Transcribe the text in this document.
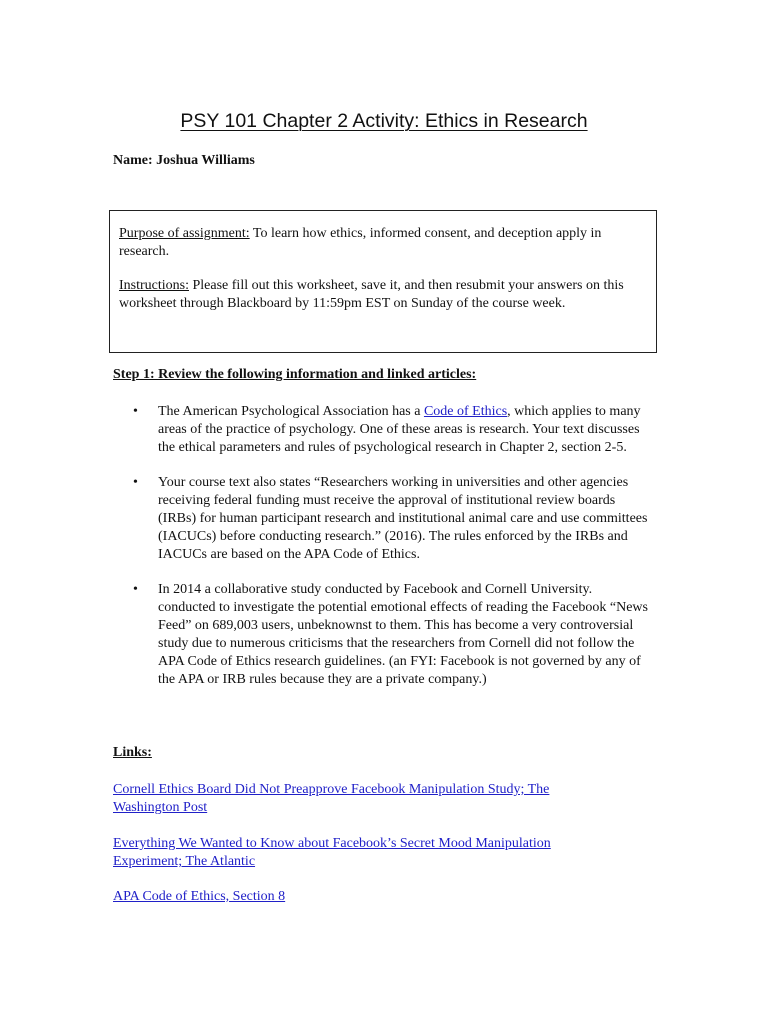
PSY 101 Chapter 2 Activity: Ethics in Research
Name: Joshua Williams

Purpose of assignment: To learn how ethics, informed consent, and deception apply in research.

Instructions: Please fill out this worksheet, save it, and then resubmit your answers on this worksheet through Blackboard by 11:59pm EST on Sunday of the course week.

Step 1: Review the following information and linked articles:
• The American Psychological Association has a Code of Ethics, which applies to many areas of the practice of psychology. One of these areas is research. Your text discusses the ethical parameters and rules of psychological research in Chapter 2, section 2-5.
• Your course text also states “Researchers working in universities and other agencies receiving federal funding must receive the approval of institutional review boards (IRBs) for human participant research and institutional animal care and use committees (IACUCs) before conducting research.” (2016). The rules enforced by the IRBs and IACUCs are based on the APA Code of Ethics.
• In 2014 a collaborative study conducted by Facebook and Cornell University. conducted to investigate the potential emotional effects of reading the Facebook “News Feed” on 689,003 users, unbeknownst to them. This has become a very controversial study due to numerous criticisms that the researchers from Cornell did not follow the APA Code of Ethics research guidelines. (an FYI: Facebook is not governed by any of the APA or IRB rules because they are a private company.)
Links:
Cornell Ethics Board Did Not Preapprove Facebook Manipulation Study; The Washington Post
Everything We Wanted to Know about Facebook’s Secret Mood Manipulation Experiment; The Atlantic
APA Code of Ethics, Section 8
